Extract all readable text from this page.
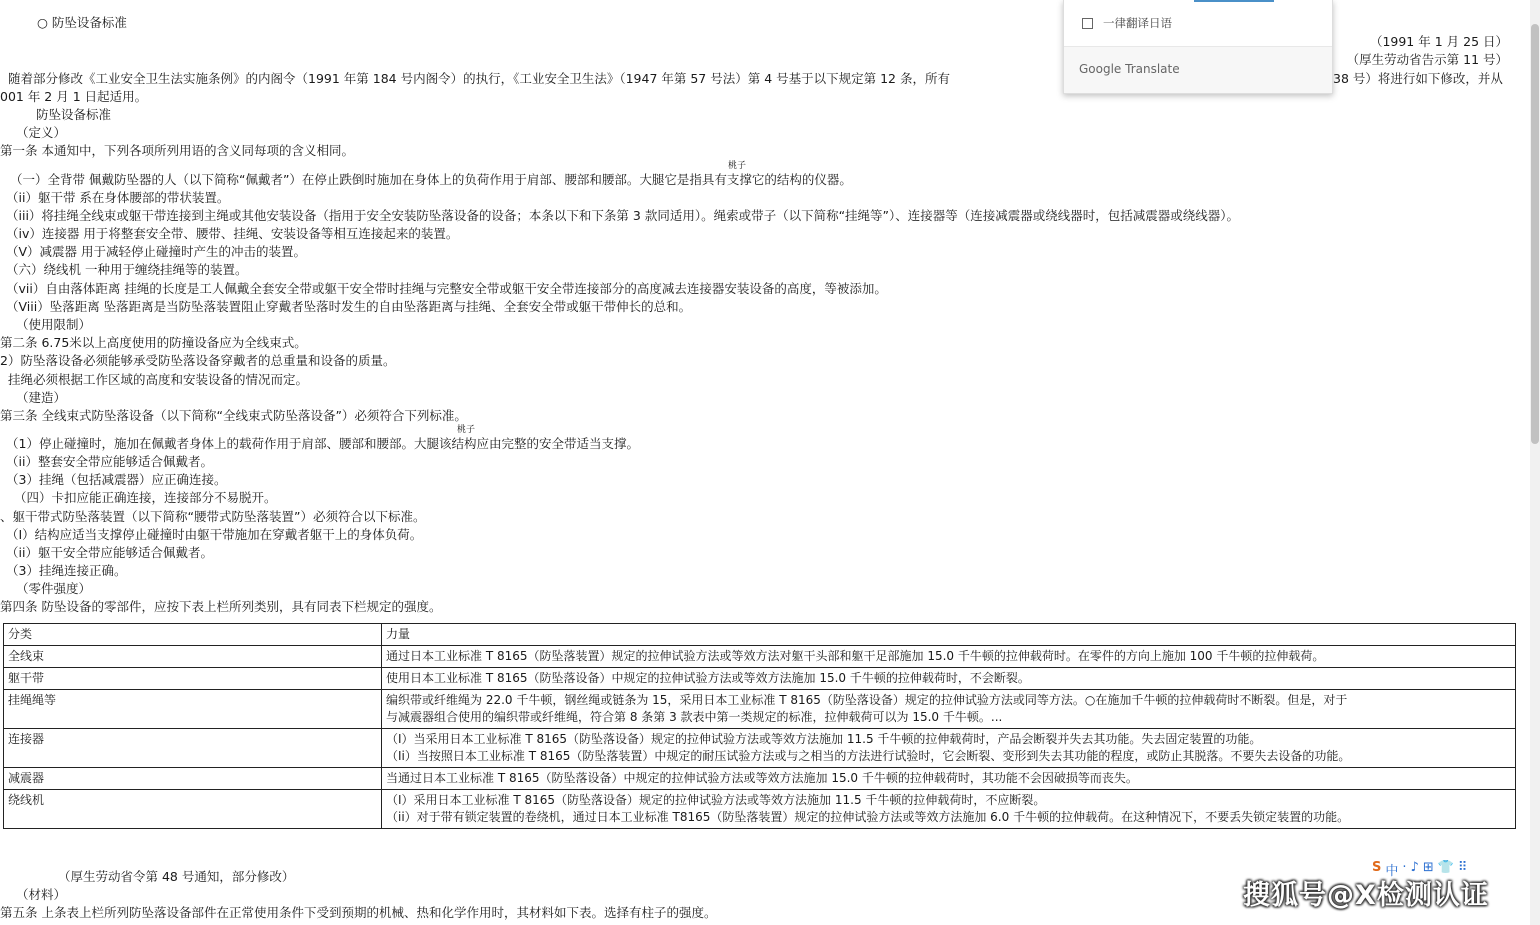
○ 防坠设备标准
（1991 年 1 月 25 日）
（厚生劳动省告示第 11 号）
随着部分修改《工业安全卫生法实施条例》的内阁令（1991 年第 184 号内阁令）的执行，《工业安全卫生法》（1947 年第 57 号法）第 4 号基于以下规定第 12 条，所有	38 号）将进行如下修改，并从
001 年 2 月 1 日起适用。
防坠设备标准
（定义）
第一条 本通知中，下列各项所列用语的含义同每项的含义相同。
桃子
（一）全背带 佩戴防坠器的人（以下简称“佩戴者”）在停止跌倒时施加在身体上的负荷作用于肩部、腰部和腰部。大腿它是指具有支撑它的结构的仪器。
（ii）躯干带 系在身体腰部的带状装置。
（iii）将挂绳全线束或躯干带连接到主绳或其他安装设备（指用于安全安装防坠落设备的设备；本条以下和下条第 3 款同适用）。绳索或带子（以下简称“挂绳等”）、连接器等（连接减震器或绕线器时，包括减震器或绕线器）。
（iv）连接器 用于将整套安全带、腰带、挂绳、安装设备等相互连接起来的装置。
（V）减震器 用于减轻停止碰撞时产生的冲击的装置。
（六）绕线机 一种用于缠绕挂绳等的装置。
（vii）自由落体距离 挂绳的长度是工人佩戴全套安全带或躯干安全带时挂绳与完整安全带或躯干安全带连接部分的高度减去连接器安装设备的高度，等被添加。
（Viii）坠落距离 坠落距离是当防坠落装置阻止穿戴者坠落时发生的自由坠落距离与挂绳、全套安全带或躯干带伸长的总和。
（使用限制）
第二条 6.75米以上高度使用的防撞设备应为全线束式。
2）防坠落设备必须能够承受防坠落设备穿戴者的总重量和设备的质量。
挂绳必须根据工作区域的高度和安装设备的情况而定。
（建造）
第三条 全线束式防坠落设备（以下简称“全线束式防坠落设备”）必须符合下列标准。
桃子
（1）停止碰撞时，施加在佩戴者身体上的载荷作用于肩部、腰部和腰部。大腿该结构应由完整的安全带适当支撑。
（ii）整套安全带应能够适合佩戴者。
（3）挂绳（包括减震器）应正确连接。
（四）卡扣应能正确连接，连接部分不易脱开。
、躯干带式防坠落装置（以下简称“腰带式防坠落装置”）必须符合以下标准。
（I）结构应适当支撑停止碰撞时由躯干带施加在穿戴者躯干上的身体负荷。
（ii）躯干安全带应能够适合佩戴者。
（3）挂绳连接正确。
（零件强度）
第四条 防坠设备的零部件，应按下表上栏所列类别，具有同表下栏规定的强度。
分类	力量
全线束	通过日本工业标准 T 8165（防坠落装置）规定的拉伸试验方法或等效方法对躯干头部和躯干足部施加 15.0 千牛顿的拉伸载荷时。在零件的方向上施加 100 千牛顿的拉伸载荷。

躯干带	使用日本工业标准 T 8165（防坠落设备）中规定的拉伸试验方法或等效方法施加 15.0 千牛顿的拉伸载荷时，不会断裂。

挂绳绳等	编织带或纤维绳为 22.0 千牛顿，钢丝绳或链条为 15，采用日本工业标准 T 8165（防坠落设备）规定的拉伸试验方法或同等方法。○在施加千牛顿的拉伸载荷时不断裂。但是，对于
与减震器组合使用的编织带或纤维绳，符合第 8 条第 3 款表中第一类规定的标准，拉伸载荷可以为 15.0 千牛顿。...

连接器	（I）当采用日本工业标准 T 8165（防坠落设备）规定的拉伸试验方法或等效方法施加 11.5 千牛顿的拉伸载荷时，产品会断裂并失去其功能。失去固定装置的功能。
（Ii）当按照日本工业标准 T 8165（防坠落装置）中规定的耐压试验方法或与之相当的方法进行试验时，它会断裂、变形到失去其功能的程度，或防止其脱落。不要失去设备的功能。

减震器	当通过日本工业标准 T 8165（防坠落设备）中规定的拉伸试验方法或等效方法施加 15.0 千牛顿的拉伸载荷时，其功能不会因破损等而丧失。

绕线机	（I）采用日本工业标准 T 8165（防坠落设备）规定的拉伸试验方法或等效方法施加 11.5 千牛顿的拉伸载荷时，不应断裂。
（ii）对于带有锁定装置的卷绕机，通过日本工业标准 T8165（防坠落装置）规定的拉伸试验方法或等效方法施加 6.0 千牛顿的拉伸载荷。在这种情况下，不要丢失锁定装置的功能。
（厚生劳动省令第 48 号通知，部分修改）
（材料）
第五条 上条表上栏所列防坠落设备部件在正常使用条件下受到预期的机械、热和化学作用时，其材料如下表。选择有柱子的强度。
一律翻译日语
Google Translate
S 中 · ♪ ⊞ 👕 ⠿
搜狐号@X检测认证
